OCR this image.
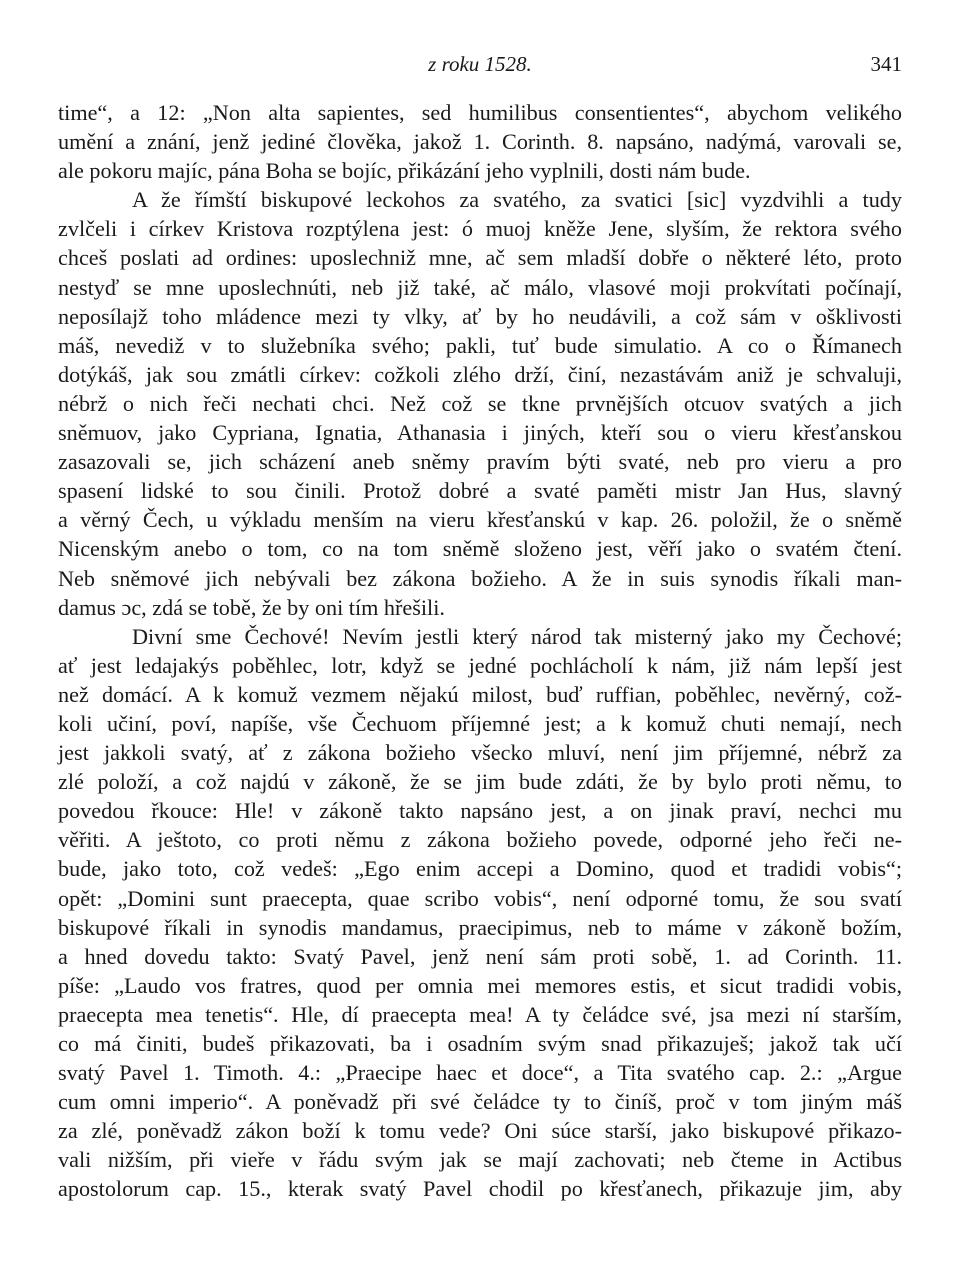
z roku 1528.	341
time“, a 12: „Non alta sapientes, sed humilibus consentientes“, abychom velikého
umění a znání, jenž jediné člověka, jakož 1. Corinth. 8. napsáno, nadýmá, varovali se,
ale pokoru majíc, pána Boha se bojíc, přikázání jeho vyplnili, dosti nám bude.
A že římští biskupové leckohos za svatého, za svatici [sic] vyzdvihli a tudy
zvlčeli i církev Kristova rozptýlena jest: ó muoj kněže Jene, slyším, že rektora svého
chceš poslati ad ordines: uposlechniž mne, ač sem mladší dobře o některé léto, proto
nestyď se mne uposlechnúti, neb již také, ač málo, vlasové moji prokvítati počínají,
neposílajž toho mládence mezi ty vlky, ať by ho neudávili, a což sám v ošklivosti
máš, nevediž v to služebníka svého; pakli, tuť bude simulatio. A co o Římanech
dotýkáš, jak sou zmátli církev: cožkoli zlého drží, činí, nezastávám aniž je schvaluji,
nébrž o nich řeči nechati chci. Než což se tkne prvnějších otcuov svatých a jich
sněmuov, jako Cypriana, Ignatia, Athanasia i jiných, kteří sou o vieru křesťanskou
zasazovali se, jich scházení aneb sněmy pravím býti svaté, neb pro vieru a pro
spasení lidské to sou činili. Protož dobré a svaté paměti mistr Jan Hus, slavný
a věrný Čech, u výkladu menším na vieru křesťanskú v kap. 26. položil, že o sněmě
Nicenským anebo o tom, co na tom sněmě složeno jest, věří jako o svatém čtení.
Neb sněmové jich nebývali bez zákona božieho. A že in suis synodis říkali man-
damus ɔc, zdá se tobě, že by oni tím hřešili.
Divní sme Čechové! Nevím jestli který národ tak misterný jako my Čechové;
ať jest ledajakýs poběhlec, lotr, když se jedné pochlácholí k nám, již nám lepší jest
než domácí. A k komuž vezmem nějakú milost, buď ruffian, poběhlec, nevěrný, což-
koli učiní, poví, napíše, vše Čechuom příjemné jest; a k komuž chuti nemají, nech
jest jakkoli svatý, ať z zákona božieho všecko mluví, není jim příjemné, nébrž za
zlé položí, a což najdú v zákoně, že se jim bude zdáti, že by bylo proti němu, to
povedou řkouce: Hle! v zákoně takto napsáno jest, a on jinak praví, nechci mu
věřiti. A ještoto, co proti němu z zákona božieho povede, odporné jeho řeči ne-
bude, jako toto, což vedeš: „Ego enim accepi a Domino, quod et tradidi vobis“;
opět: „Domini sunt praecepta, quae scribo vobis“, není odporné tomu, že sou svatí
biskupové říkali in synodis mandamus, praecipimus, neb to máme v zákoně božím,
a hned dovedu takto: Svatý Pavel, jenž není sám proti sobě, 1. ad Corinth. 11.
píše: „Laudo vos fratres, quod per omnia mei memores estis, et sicut tradidi vobis,
praecepta mea tenetis“. Hle, dí praecepta mea! A ty čeládce své, jsa mezi ní starším,
co má činiti, budeš přikazovati, ba i osadním svým snad přikazuješ; jakož tak učí
svatý Pavel 1. Timoth. 4.: „Praecipe haec et doce“, a Tita svatého cap. 2.: „Argue
cum omni imperio“. A poněvadž při své čeládce ty to činíš, proč v tom jiným máš
za zlé, poněvadž zákon boží k tomu vede? Oni súce starší, jako biskupové přikazo-
vali nižším, při vieře v řádu svým jak se mají zachovati; neb čteme in Actibus
apostolorum cap. 15., kterak svatý Pavel chodil po křesťanech, přikazuje jim, aby
